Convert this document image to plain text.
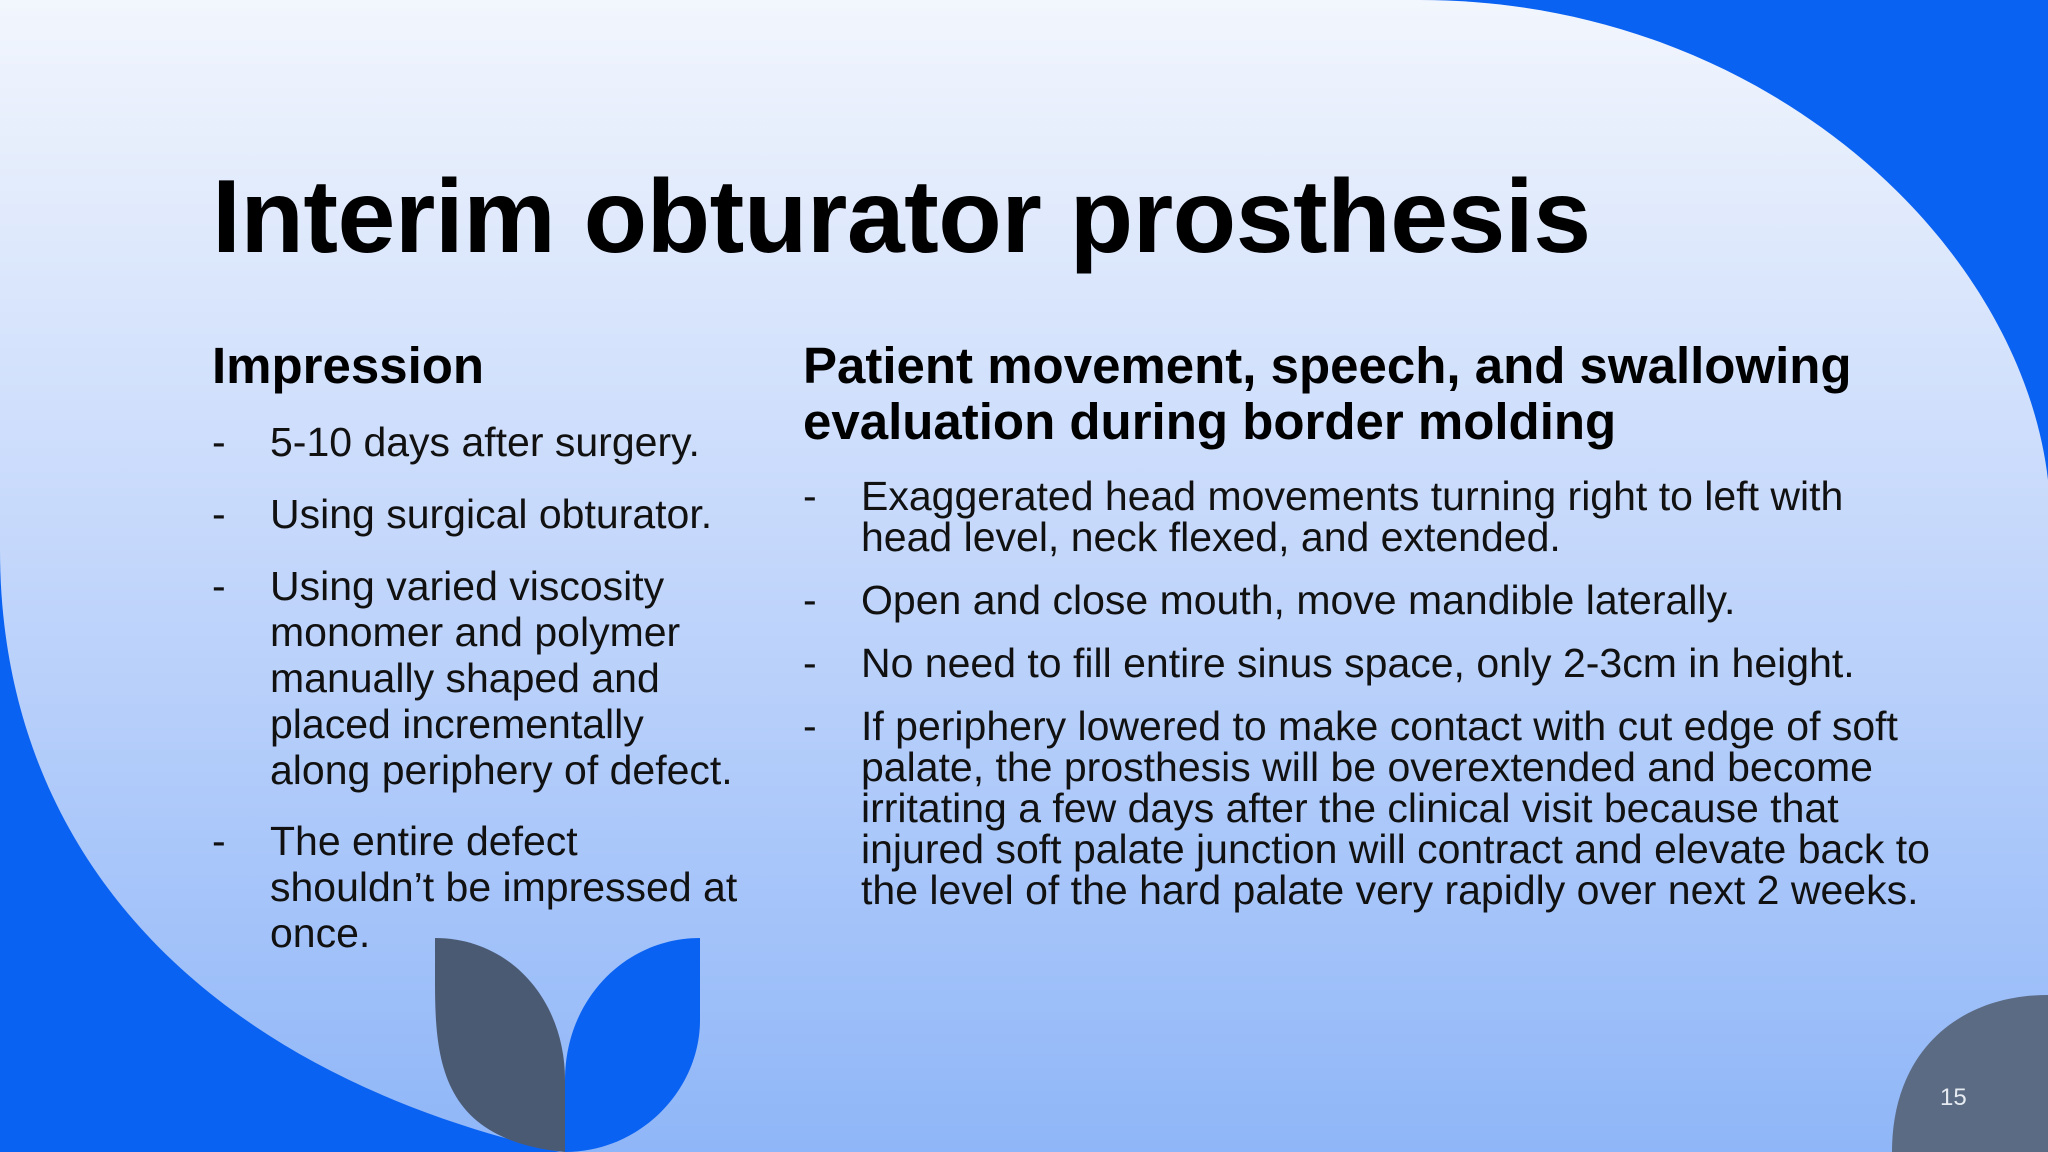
Interim obturator prosthesis
Impression
- 5-10 days after surgery.
- Using surgical obturator.
- Using varied viscosity monomer and polymer manually shaped and placed incrementally along periphery of defect.
- The entire defect shouldn’t be impressed at once.
Patient movement, speech, and swallowing evaluation during border molding
- Exaggerated head movements turning right to left with head level, neck flexed, and extended.
- Open and close mouth, move mandible laterally.
- No need to fill entire sinus space, only 2-3cm in height.
- If periphery lowered to make contact with cut edge of soft palate, the prosthesis will be overextended and become irritating a few days after the clinical visit because that injured soft palate junction will contract and elevate back to the level of the hard palate very rapidly over next 2 weeks.
15
